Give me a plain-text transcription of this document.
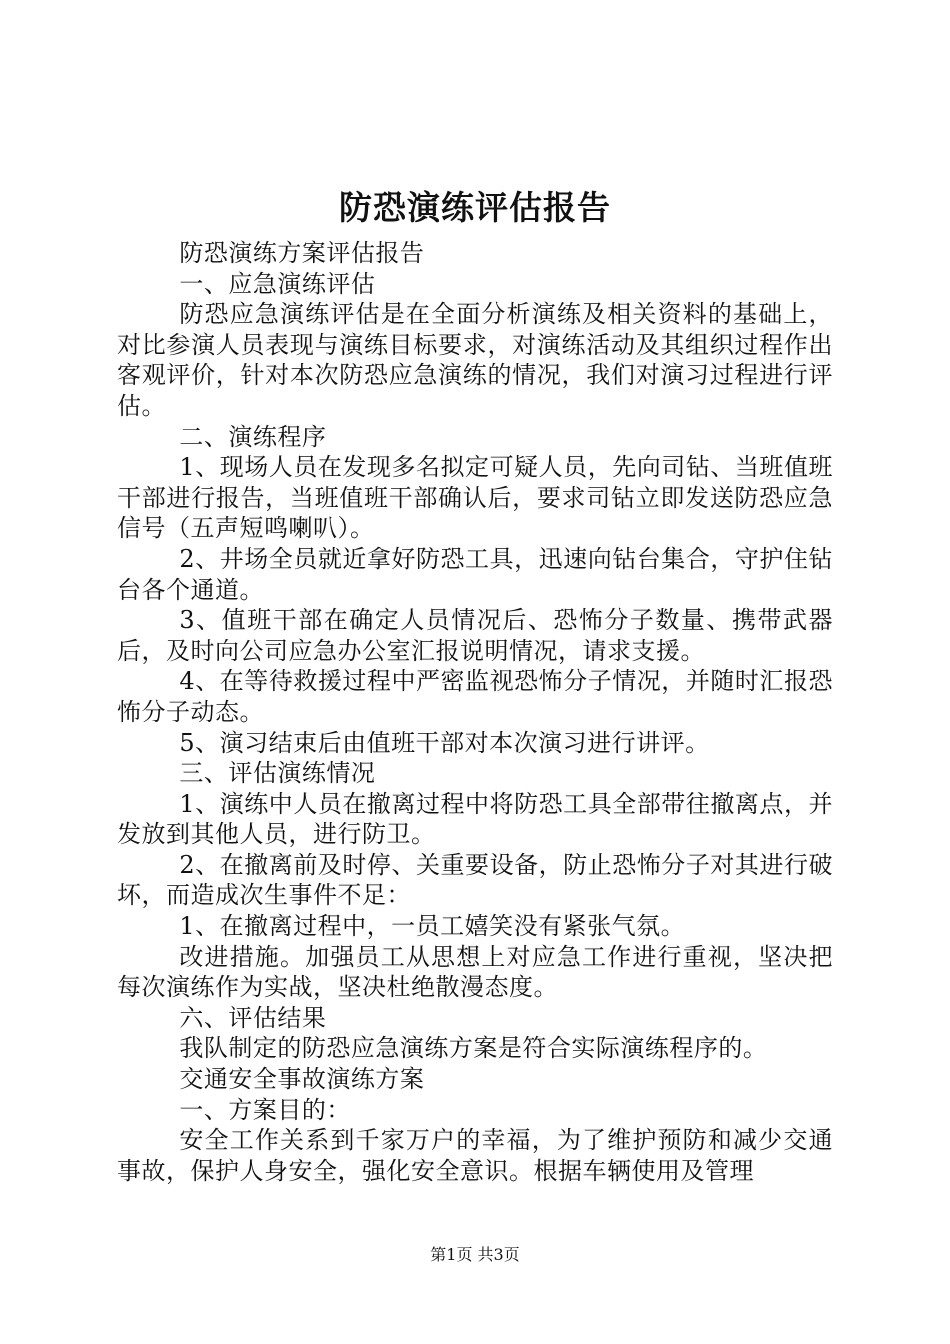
防恐演练评估报告

防恐演练方案评估报告

一、应急演练评估

防恐应急演练评估是在全面分析演练及相关资料的基础上，对比参演人员表现与演练目标要求，对演练活动及其组织过程作出客观评价，针对本次防恐应急演练的情况，我们对演习过程进行评估。

二、演练程序

1、现场人员在发现多名拟定可疑人员，先向司钻、当班值班干部进行报告，当班值班干部确认后，要求司钻立即发送防恐应急信号（五声短鸣喇叭）。

2、井场全员就近拿好防恐工具，迅速向钻台集合，守护住钻台各个通道。

3、值班干部在确定人员情况后、恐怖分子数量、携带武器后，及时向公司应急办公室汇报说明情况，请求支援。

4、在等待救援过程中严密监视恐怖分子情况，并随时汇报恐怖分子动态。

5、演习结束后由值班干部对本次演习进行讲评。

三、评估演练情况

1、演练中人员在撤离过程中将防恐工具全部带往撤离点，并发放到其他人员，进行防卫。

2、在撤离前及时停、关重要设备，防止恐怖分子对其进行破坏，而造成次生事件不足：

1、在撤离过程中，一员工嬉笑没有紧张气氛。

改进措施。加强员工从思想上对应急工作进行重视，坚决把每次演练作为实战，坚决杜绝散漫态度。

六、评估结果

我队制定的防恐应急演练方案是符合实际演练程序的。

交通安全事故演练方案

一、方案目的：

安全工作关系到千家万户的幸福，为了维护预防和减少交通事故，保护人身安全，强化安全意识。根据车辆使用及管理

第1页 共3页
